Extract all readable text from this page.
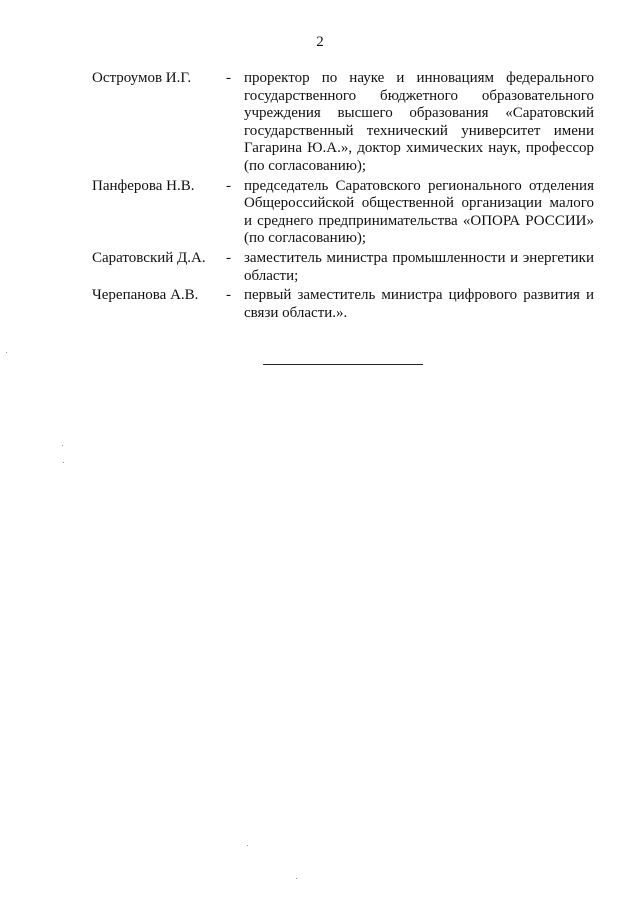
2
Остроумов И.Г.	- проректор по науке и инновациям федерального государственного бюджетного образовательного учреждения высшего образования «Саратовский государственный технический университет имени Гагарина Ю.А.», доктор химических наук, профессор (по согласованию);
Панферова Н.В.	- председатель Саратовского регионального отделения Общероссийской общественной организации малого и среднего предпринимательства «ОПОРА РОССИИ» (по согласованию);
Саратовский Д.А.	- заместитель министра промышленности и энергетики области;
Черепанова А.В.	- первый заместитель министра цифрового развития и связи области.».
